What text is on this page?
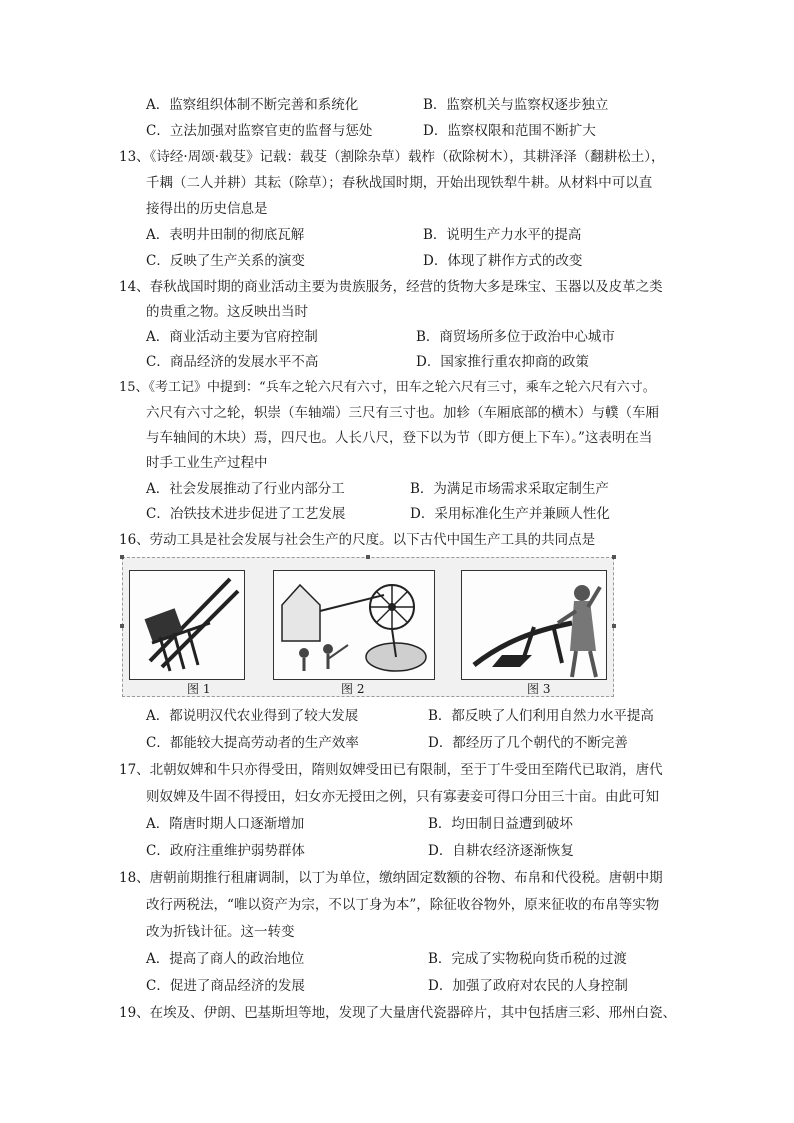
A．监察组织体制不断完善和系统化	B．监察机关与监察权逐步独立
C．立法加强对监察官吏的监督与惩处	D．监察权限和范围不断扩大
13、《诗经·周颂·载芟》记载：载芟（割除杂草）载柞（砍除树木），其耕泽泽（翻耕松土），
千耦（二人并耕）其耘（除草）；春秋战国时期，开始出现铁犁牛耕。从材料中可以直
接得出的历史信息是
A．表明井田制的彻底瓦解	B．说明生产力水平的提高
C．反映了生产关系的演变	D．体现了耕作方式的改变
14、春秋战国时期的商业活动主要为贵族服务，经营的货物大多是珠宝、玉器以及皮革之类
的贵重之物。这反映出当时
A．商业活动主要为官府控制	B．商贸场所多位于政治中心城市
C．商品经济的发展水平不高	D．国家推行重农抑商的政策
15、《考工记》中提到：“兵车之轮六尺有六寸，田车之轮六尺有三寸，乘车之轮六尺有六寸。
六尺有六寸之轮，轵崇（车轴端）三尺有三寸也。加轸（车厢底部的横木）与轐（车厢
与车轴间的木块）焉，四尺也。人长八尺，登下以为节（即方便上下车）。”这表明在当
时手工业生产过程中
A．社会发展推动了行业内部分工	B．为满足市场需求采取定制生产
C．冶铁技术进步促进了工艺发展	D．采用标准化生产并兼顾人性化
16、劳动工具是社会发展与社会生产的尺度。以下古代中国生产工具的共同点是
图 1	图 2	图 3
A．都说明汉代农业得到了较大发展	B．都反映了人们利用自然力水平提高
C．都能较大提高劳动者的生产效率	D．都经历了几个朝代的不断完善
17、北朝奴婢和牛只亦得受田，隋则奴婢受田已有限制，至于丁牛受田至隋代已取消，唐代
则奴婢及牛固不得授田，妇女亦无授田之例，只有寡妻妾可得口分田三十亩。由此可知
A．隋唐时期人口逐渐增加	B．均田制日益遭到破坏
C．政府注重维护弱势群体	D．自耕农经济逐渐恢复
18、唐朝前期推行租庸调制，以丁为单位，缴纳固定数额的谷物、布帛和代役税。唐朝中期
改行两税法，“唯以资产为宗，不以丁身为本”，除征收谷物外，原来征收的布帛等实物
改为折钱计征。这一转变
A．提高了商人的政治地位	B．完成了实物税向货币税的过渡
C．促进了商品经济的发展	D．加强了政府对农民的人身控制
19、在埃及、伊朗、巴基斯坦等地，发现了大量唐代瓷器碎片，其中包括唐三彩、邢州白瓷、
